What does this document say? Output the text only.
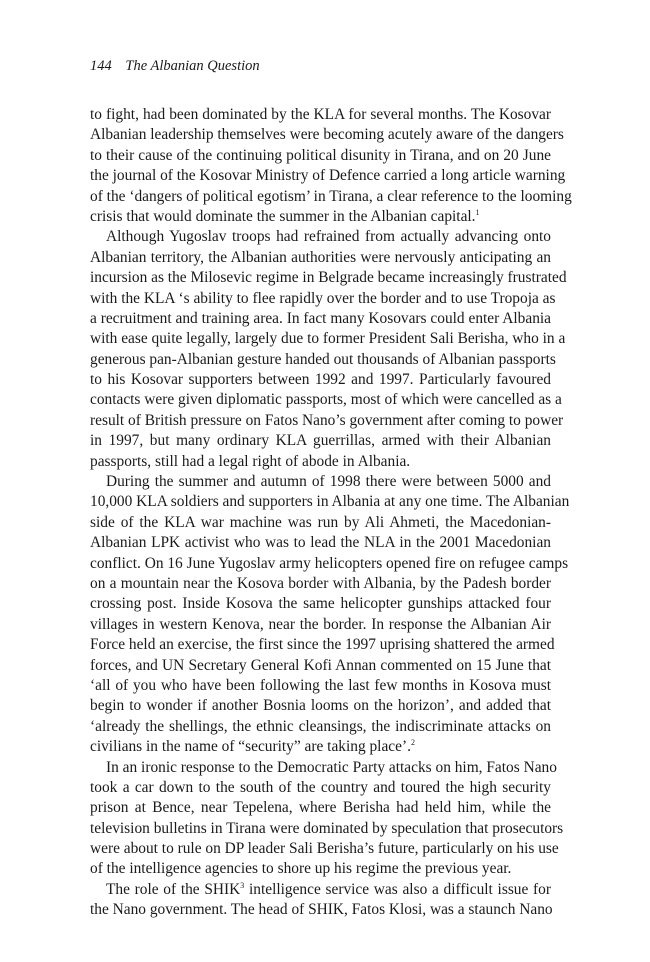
144 The Albanian Question
to fight, had been dominated by the KLA for several months. The Kosovar
Albanian leadership themselves were becoming acutely aware of the dangers
to their cause of the continuing political disunity in Tirana, and on 20 June
the journal of the Kosovar Ministry of Defence carried a long article warning
of the ‘dangers of political egotism’ in Tirana, a clear reference to the looming
crisis that would dominate the summer in the Albanian capital.$^1$
Although Yugoslav troops had refrained from actually advancing onto
Albanian territory, the Albanian authorities were nervously anticipating an
incursion as the Milosevic regime in Belgrade became increasingly frustrated
with the KLA ‘s ability to flee rapidly over the border and to use Tropoja as
a recruitment and training area. In fact many Kosovars could enter Albania
with ease quite legally, largely due to former President Sali Berisha, who in a
generous pan-Albanian gesture handed out thousands of Albanian passports
to his Kosovar supporters between 1992 and 1997. Particularly favoured
contacts were given diplomatic passports, most of which were cancelled as a
result of British pressure on Fatos Nano’s government after coming to power
in 1997, but many ordinary KLA guerrillas, armed with their Albanian
passports, still had a legal right of abode in Albania.
During the summer and autumn of 1998 there were between 5000 and
10,000 KLA soldiers and supporters in Albania at any one time. The Albanian
side of the KLA war machine was run by Ali Ahmeti, the Macedonian-
Albanian LPK activist who was to lead the NLA in the 2001 Macedonian
conflict. On 16 June Yugoslav army helicopters opened fire on refugee camps
on a mountain near the Kosova border with Albania, by the Padesh border
crossing post. Inside Kosova the same helicopter gunships attacked four
villages in western Kenova, near the border. In response the Albanian Air
Force held an exercise, the first since the 1997 uprising shattered the armed
forces, and UN Secretary General Kofi Annan commented on 15 June that
‘all of you who have been following the last few months in Kosova must
begin to wonder if another Bosnia looms on the horizon’, and added that
‘already the shellings, the ethnic cleansings, the indiscriminate attacks on
civilians in the name of “security” are taking place’.$^2$
In an ironic response to the Democratic Party attacks on him, Fatos Nano
took a car down to the south of the country and toured the high security
prison at Bence, near Tepelena, where Berisha had held him, while the
television bulletins in Tirana were dominated by speculation that prosecutors
were about to rule on DP leader Sali Berisha’s future, particularly on his use
of the intelligence agencies to shore up his regime the previous year.
The role of the SHIK$^3$ intelligence service was also a difficult issue for
the Nano government. The head of SHIK, Fatos Klosi, was a staunch Nano
